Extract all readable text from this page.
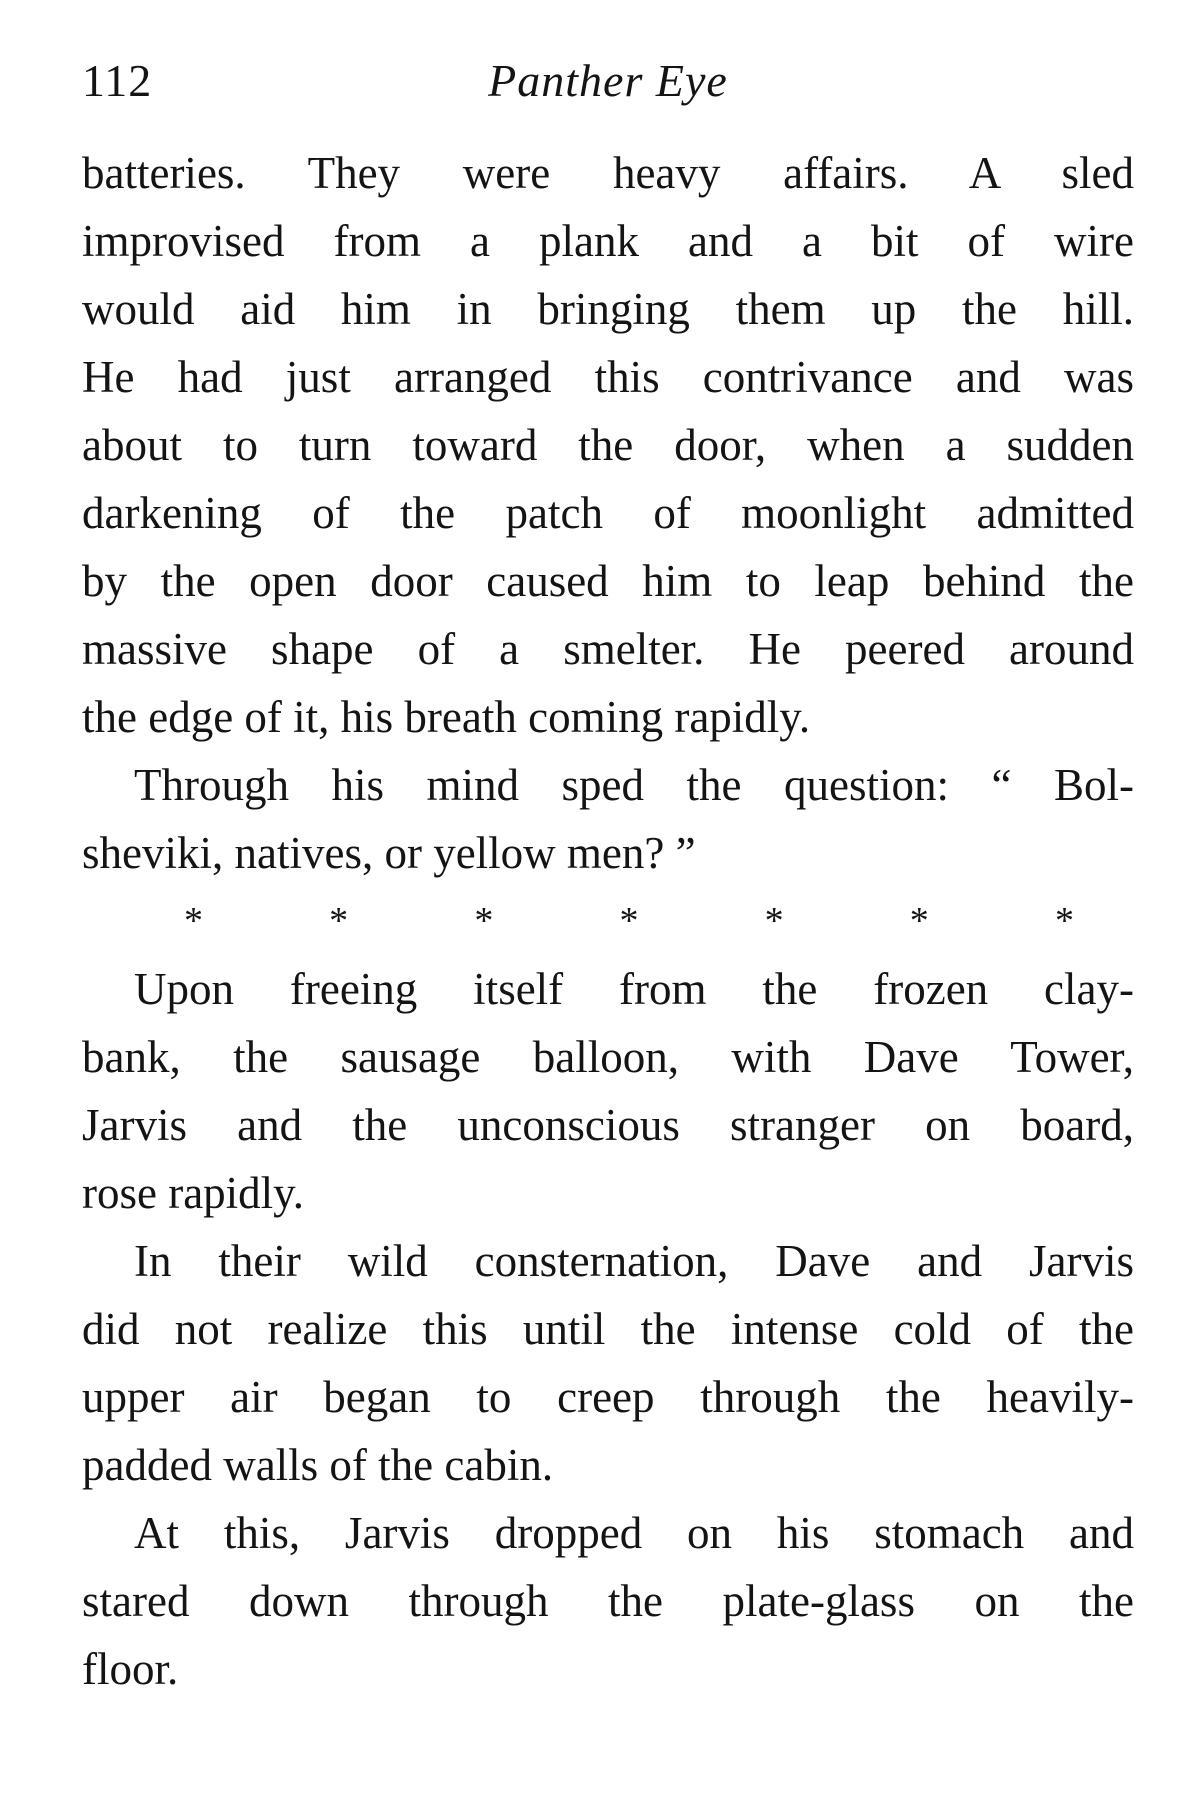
112	Panther Eye
batteries. They were heavy affairs. A sled
improvised from a plank and a bit of wire
would aid him in bringing them up the hill.
He had just arranged this contrivance and was
about to turn toward the door, when a sudden
darkening of the patch of moonlight admitted
by the open door caused him to leap behind the
massive shape of a smelter. He peered around
the edge of it, his breath coming rapidly.
Through his mind sped the question: “ Bol-
sheviki, natives, or yellow men? ”
*	*	*	*	*	*	*
Upon freeing itself from the frozen clay-
bank, the sausage balloon, with Dave Tower,
Jarvis and the unconscious stranger on board,
rose rapidly.
In their wild consternation, Dave and Jarvis
did not realize this until the intense cold of the
upper air began to creep through the heavily-
padded walls of the cabin.
At this, Jarvis dropped on his stomach and
stared down through the plate-glass on the
floor.
